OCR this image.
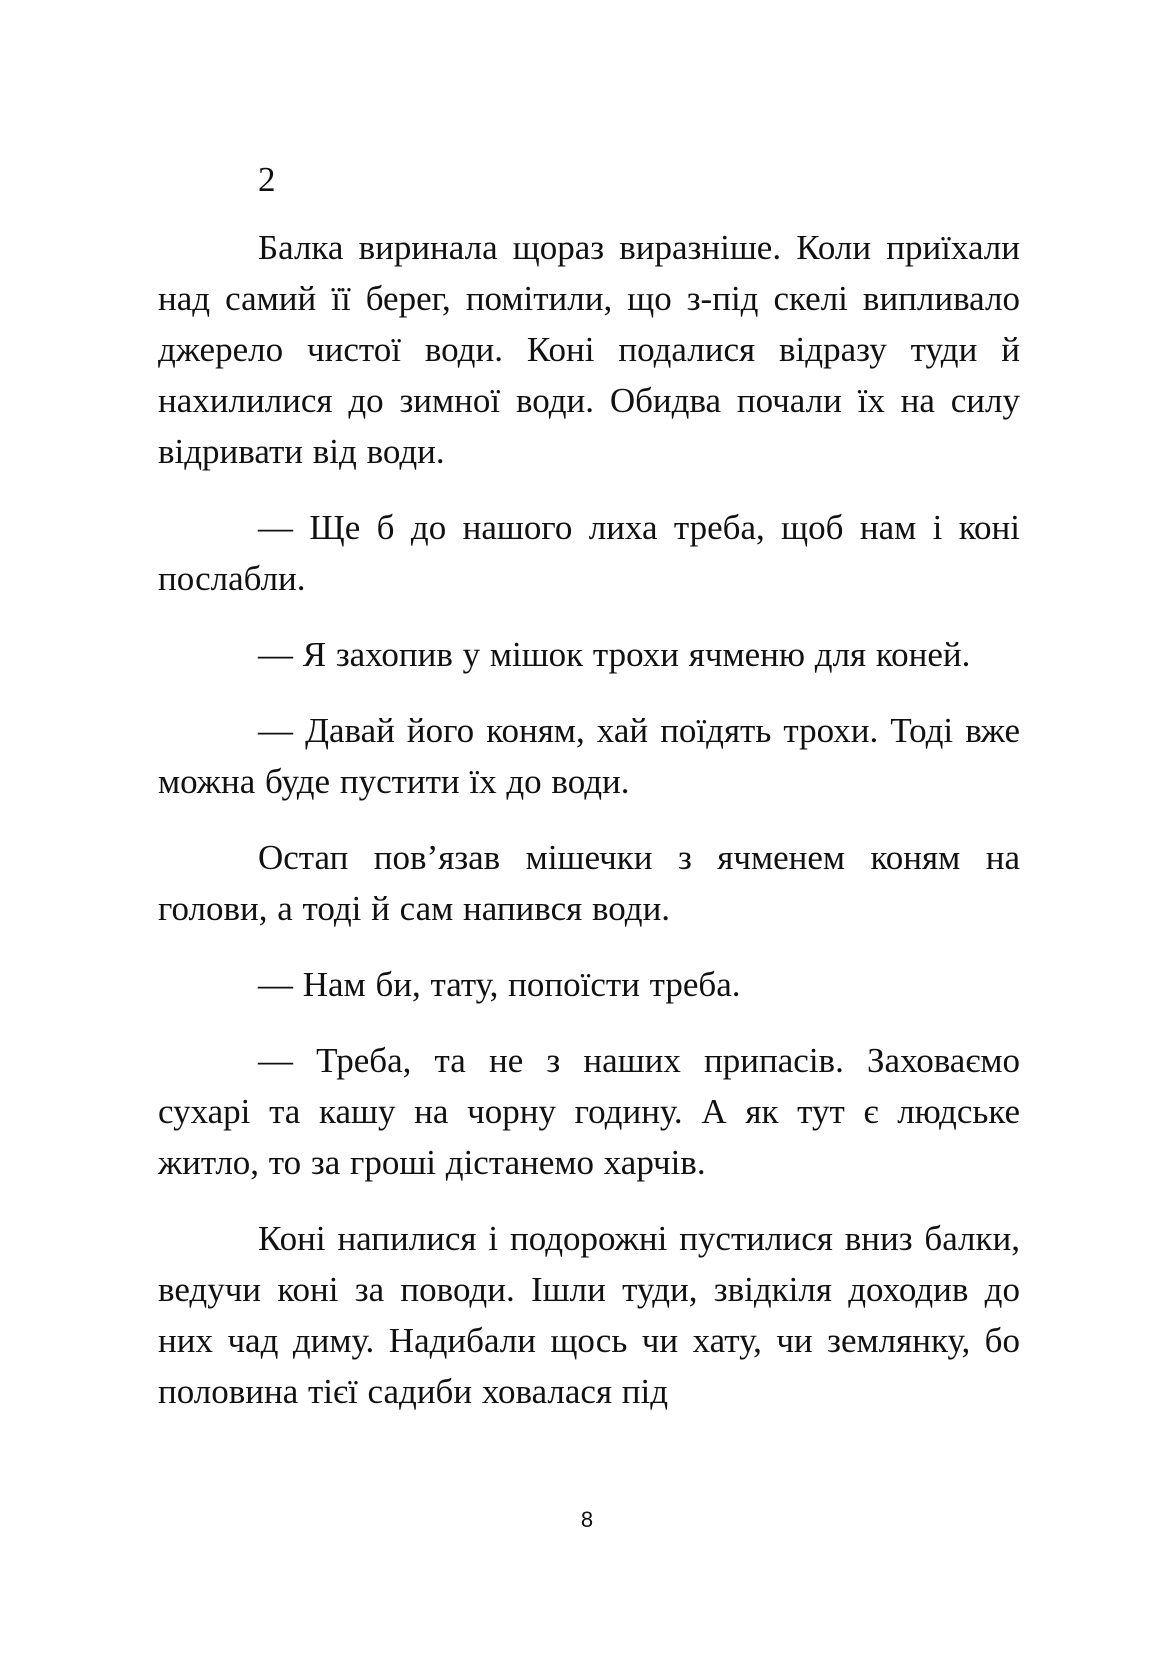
2

Балка виринала щораз виразніше. Коли приїхали над самий її берег, помітили, що з-під скелі випливало джерело чистої води. Коні подалися відразу туди й нахилилися до зимної води. Обидва почали їх на силу відривати від води.

— Ще б до нашого лиха треба, щоб нам і коні послабли.

— Я захопив у мішок трохи ячменю для коней.

— Давай його коням, хай поїдять трохи. Тоді вже можна буде пустити їх до води.

Остап пов’язав мішечки з ячменем коням на голови, а тоді й сам напився води.

— Нам би, тату, попоїсти треба.

— Треба, та не з наших припасів. Заховаємо сухарі та кашу на чорну годину. А як тут є людське житло, то за гроші дістанемо харчів.

Коні напилися і подорожні пустилися вниз балки, ведучи коні за поводи. Ішли туди, звідкіля доходив до них чад диму. Надибали щось чи хату, чи землянку, бо половина тієї садиби ховалася під

8
